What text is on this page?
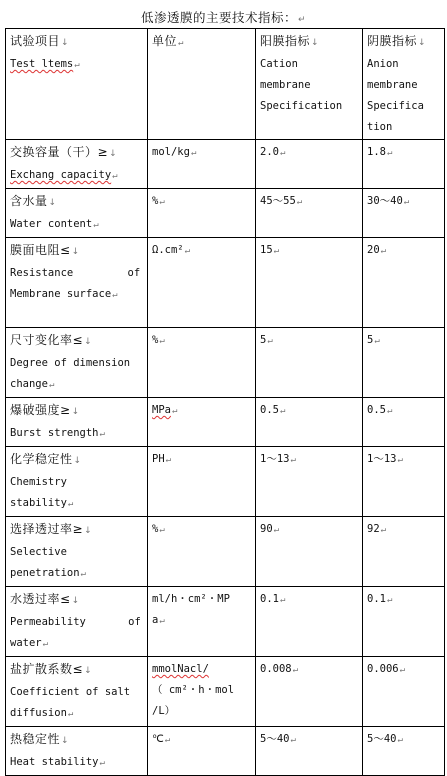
低渗透膜的主要技术指标：↵
试验项目↓
Test ltems↵	单位↵	阳膜指标↓
Cation
membrane
Specification	阴膜指标↓
Anion
membrane
Specifica
tion

交换容量（干）≥↓
Exchang capacity↵	mol/kg↵	2.0↵	1.8↵

含水量↓
Water content↵	%↵	45～55↵	30～40↵

膜面电阻≤↓
Resistance of
Membrane surface↵	Ω.cm²↵	15↵	20↵

尺寸变化率≤↓
Degree of dimension
change↵	%↵	5↵	5↵

爆破强度≥↓
Burst strength↵	MPa↵	0.5↵	0.5↵

化学稳定性↓
Chemistry
stability↵	PH↵	1～13↵	1～13↵

选择透过率≥↓
Selective
penetration↵	%↵	90↵	92↵

水透过率≤↓
Permeability of
water↵	ml/h・cm²・MP
a↵	0.1↵	0.1↵

盐扩散系数≤↓
Coefficient of salt
diffusion↵	mmolNacl/
（ cm²・h・mol
/L）	0.008↵	0.006↵

热稳定性↓
Heat stability↵	℃↵	5～40↵	5～40↵
